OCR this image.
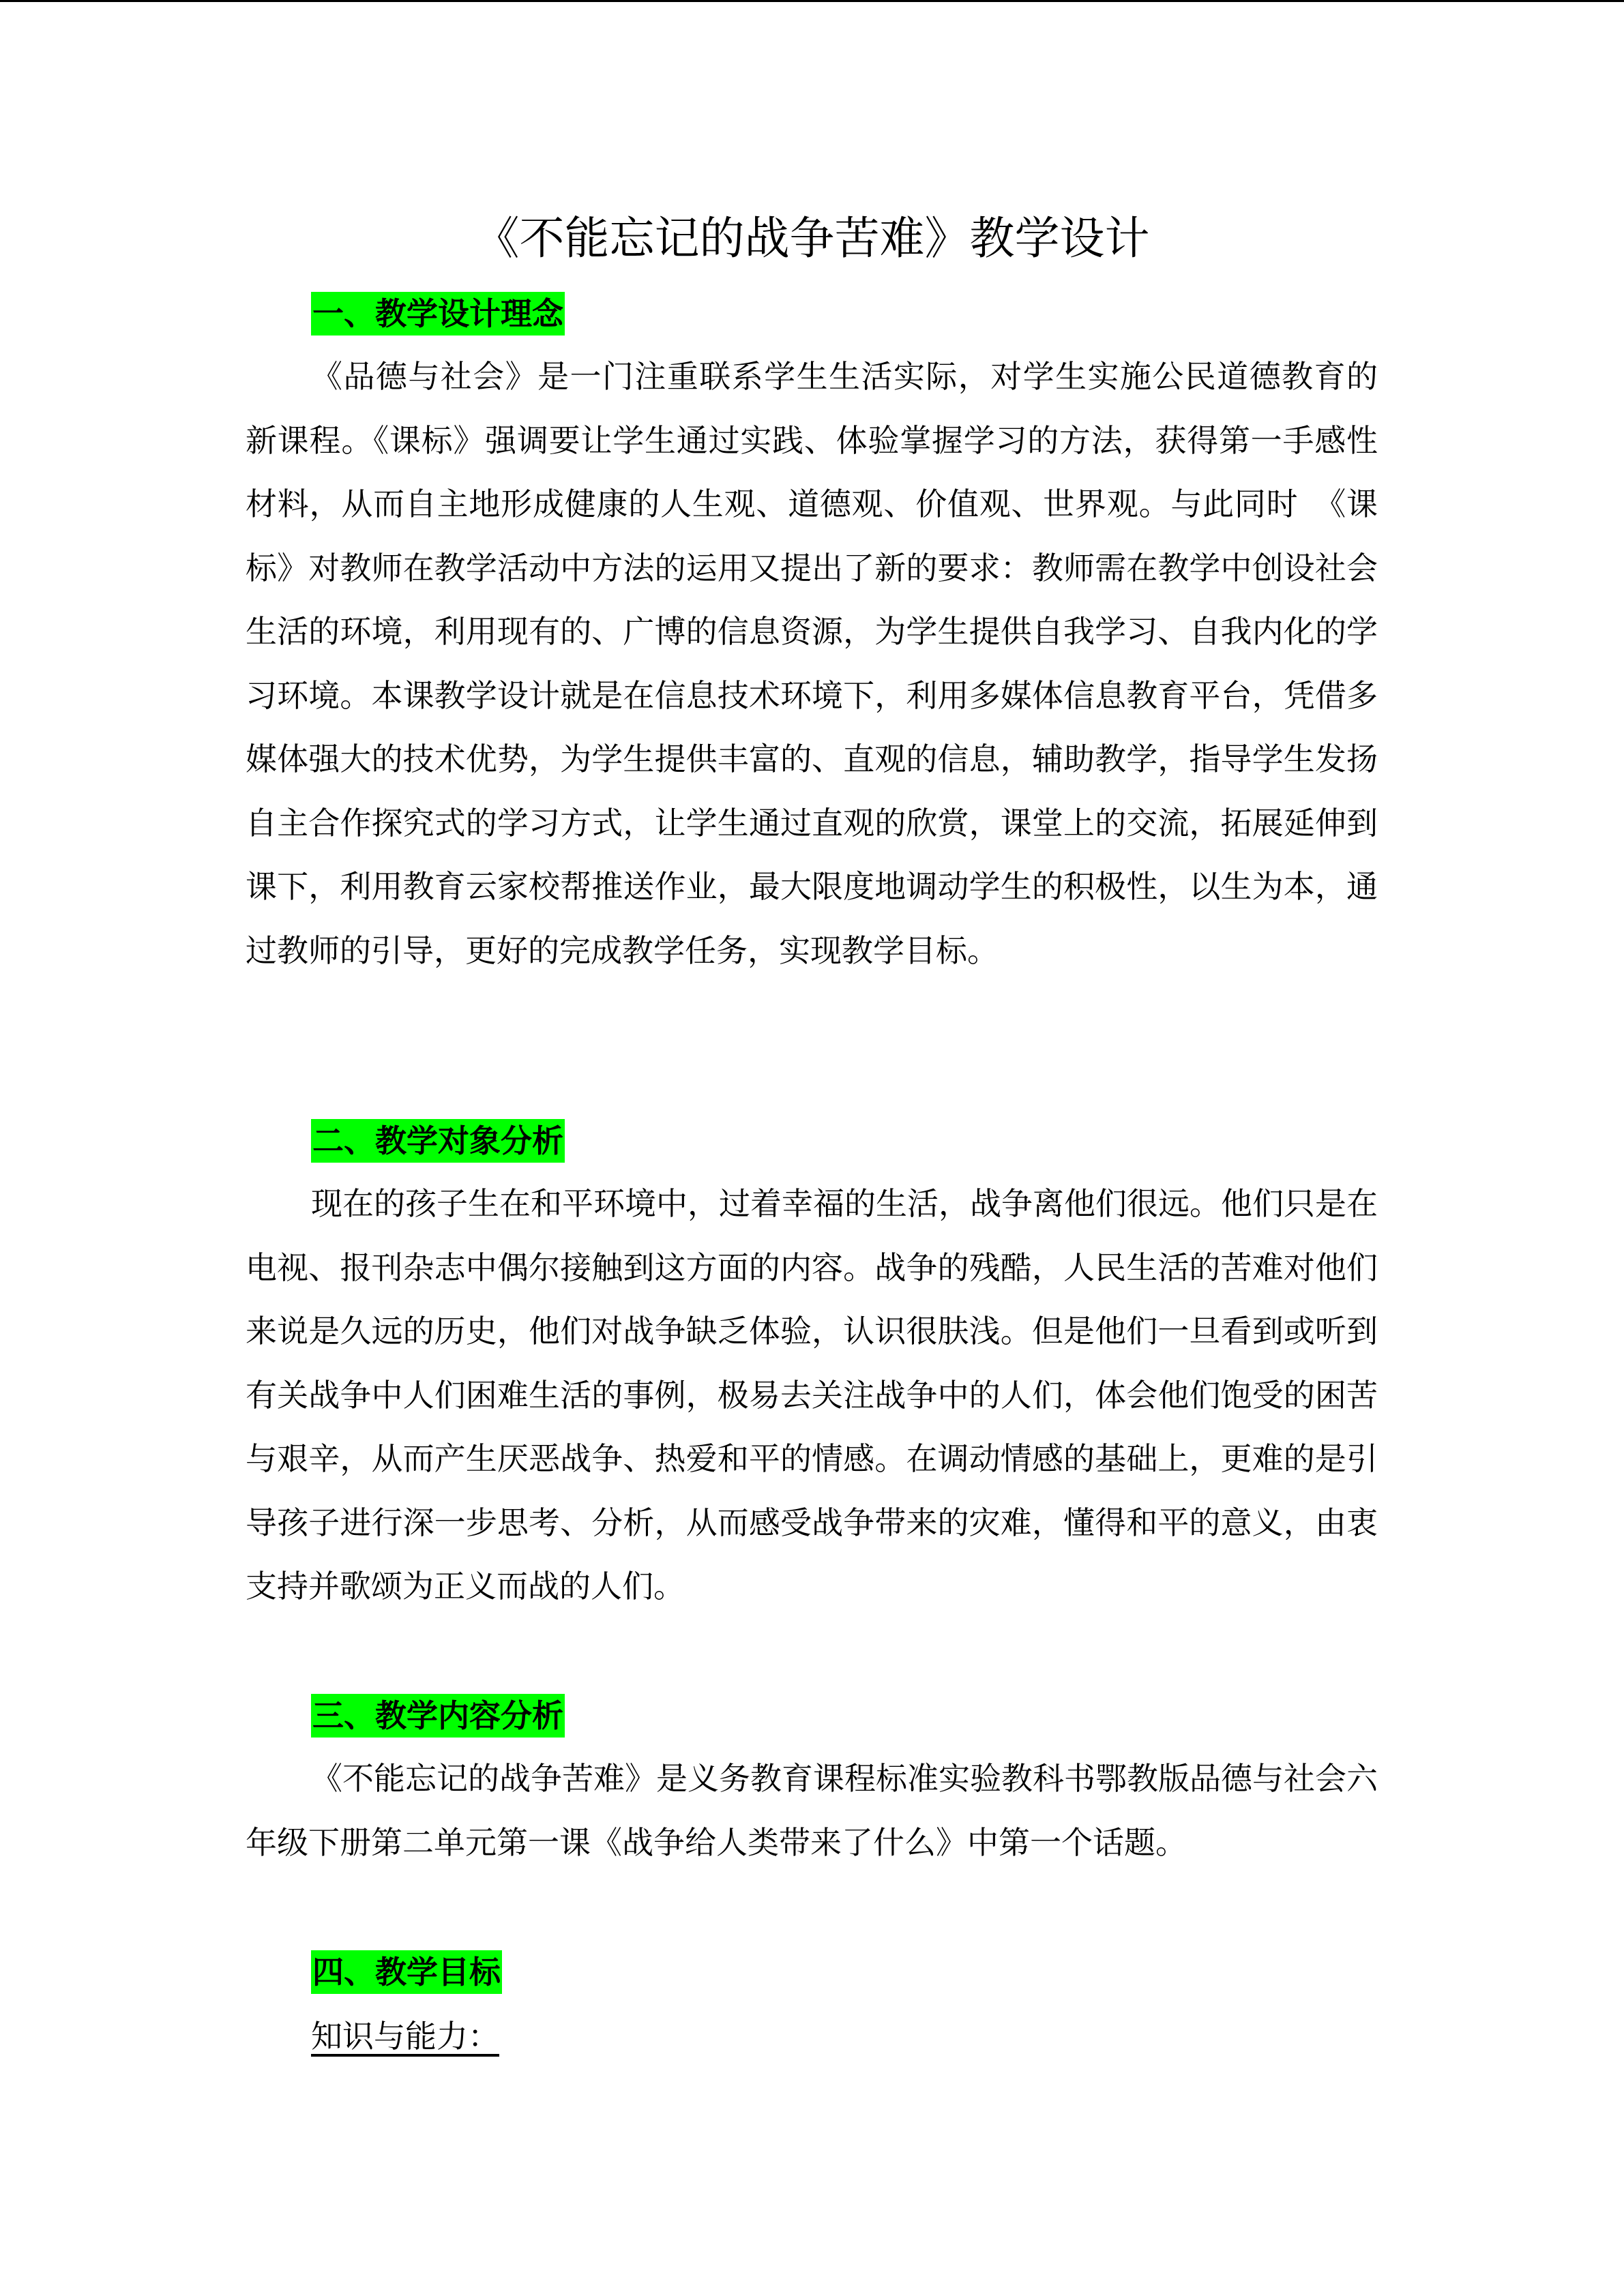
《不能忘记的战争苦难》教学设计
一、教学设计理念

《品德与社会》是一门注重联系学生生活实际，对学生实施公民道德教育的　新课程。《课标》强调要让学生通过实践、体验掌握学习的方法，获得第一手感性材料，从而自主地形成健康的人生观、道德观、价值观、世界观。与此同时　《课标》对教师在教学活动中方法的运用又提出了新的要求：教师需在教学中创设社会生活的环境，利用现有的、广博的信息资源，为学生提供自我学习、自我内化的学习环境。本课教学设计就是在信息技术环境下，利用多媒体信息教育平台，凭借多媒体强大的技术优势，为学生提供丰富的、直观的信息，辅助教学，指导学生发扬自主合作探究式的学习方式，让学生通过直观的欣赏，课堂上的交流，拓展延伸到课下，利用教育云家校帮推送作业，最大限度地调动学生的积极性，以生为本，通过教师的引导，更好的完成教学任务，实现教学目标。

二、教学对象分析

现在的孩子生在和平环境中，过着幸福的生活，战争离他们很远。他们只是在电视、报刊杂志中偶尔接触到这方面的内容。战争的残酷，人民生活的苦难对他们来说是久远的历史，他们对战争缺乏体验，认识很肤浅。但是他们一旦看到或听到有关战争中人们困难生活的事例，极易去关注战争中的人们，体会他们饱受的困苦与艰辛，从而产生厌恶战争、热爱和平的情感。在调动情感的基础上，更难的是引导孩子进行深一步思考、分析，从而感受战争带来的灾难，懂得和平的意义，由衷支持并歌颂为正义而战的人们。

三、教学内容分析

《不能忘记的战争苦难》是义务教育课程标准实验教科书鄂教版品德与社会六年级下册第二单元第一课《战争给人类带来了什么》中第一个话题。

四、教学目标

知识与能力：
